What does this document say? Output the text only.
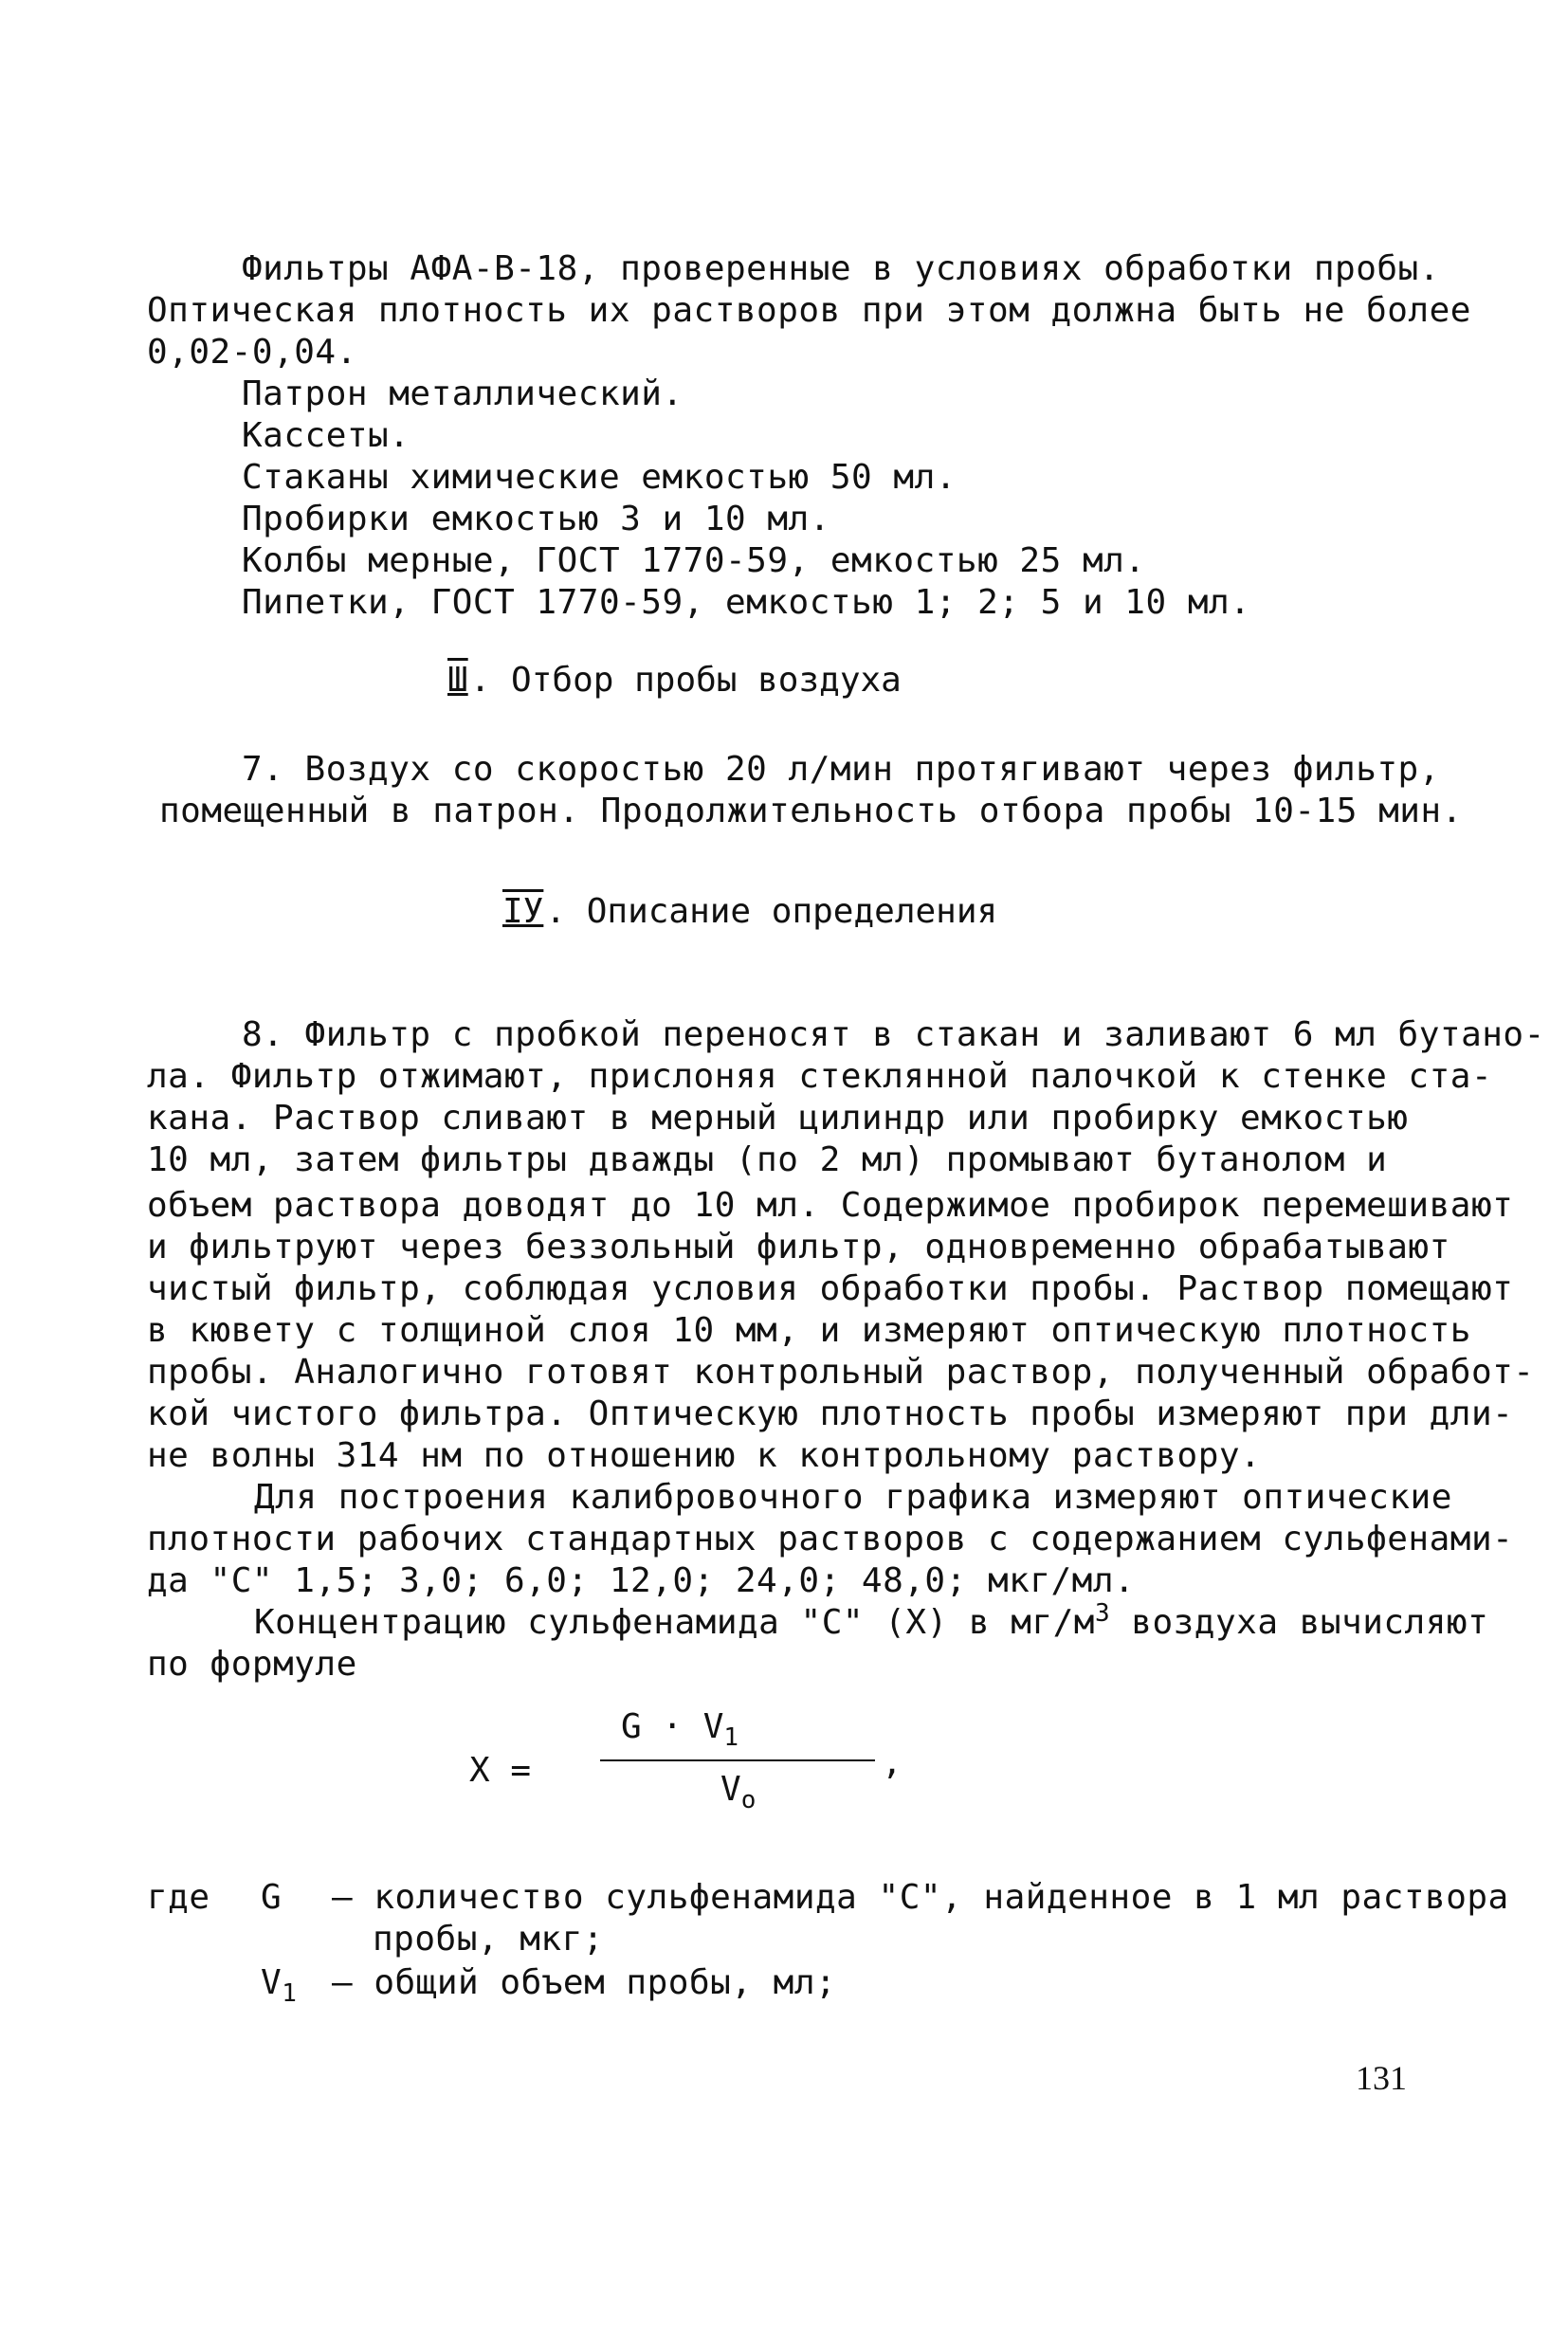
Фильтры АФА-В-18, проверенные в условиях обработки пробы.
Оптическая плотность их растворов при этом должна быть не более
0,02-0,04.
Патрон металлический.
Кассеты.
Стаканы химические емкостью 50 мл.
Пробирки емкостью 3 и 10 мл.
Колбы мерные, ГОСТ 1770-59, емкостью 25 мл.
Пипетки, ГОСТ 1770-59, емкостью 1; 2; 5 и 10 мл.
Ш. Отбор пробы воздуха
7. Воздух со скоростью 20 л/мин протягивают через фильтр,
помещенный в патрон. Продолжительность отбора пробы 10-15 мин.
IУ. Описание определения
8. Фильтр с пробкой переносят в стакан и заливают 6 мл бутано-
ла. Фильтр отжимают, прислоняя стеклянной палочкой к стенке ста-
кана. Раствор сливают в мерный цилиндр или пробирку емкостью
10 мл, затем фильтры дважды (по 2 мл) промывают бутанолом и
объем раствора доводят до 10 мл. Содержимое пробирок перемешивают
и фильтруют через беззольный фильтр, одновременно обрабатывают
чистый фильтр, соблюдая условия обработки пробы. Раствор помещают
в кювету с толщиной слоя 10 мм, и измеряют оптическую плотность
пробы. Аналогично готовят контрольный раствор, полученный обработ-
кой чистого фильтра. Оптическую плотность пробы измеряют при дли-
не волны 314 нм по отношению к контрольному раствору.
Для построения калибровочного графика измеряют оптические
плотности рабочих стандартных растворов с содержанием сульфенами-
да "С" 1,5; 3,0; 6,0; 12,0; 24,0; 48,0; мкг/мл.
Концентрацию сульфенамида "С" (Х) в $мг/м^3$ воздуха вычисляют
по формуле
X =
$G \cdot V_1$
,
$V_o$
где G – количество сульфенамида "С", найденное в 1 мл раствора
пробы, мкг;
$V_1$ – общий объем пробы, мл;
131
